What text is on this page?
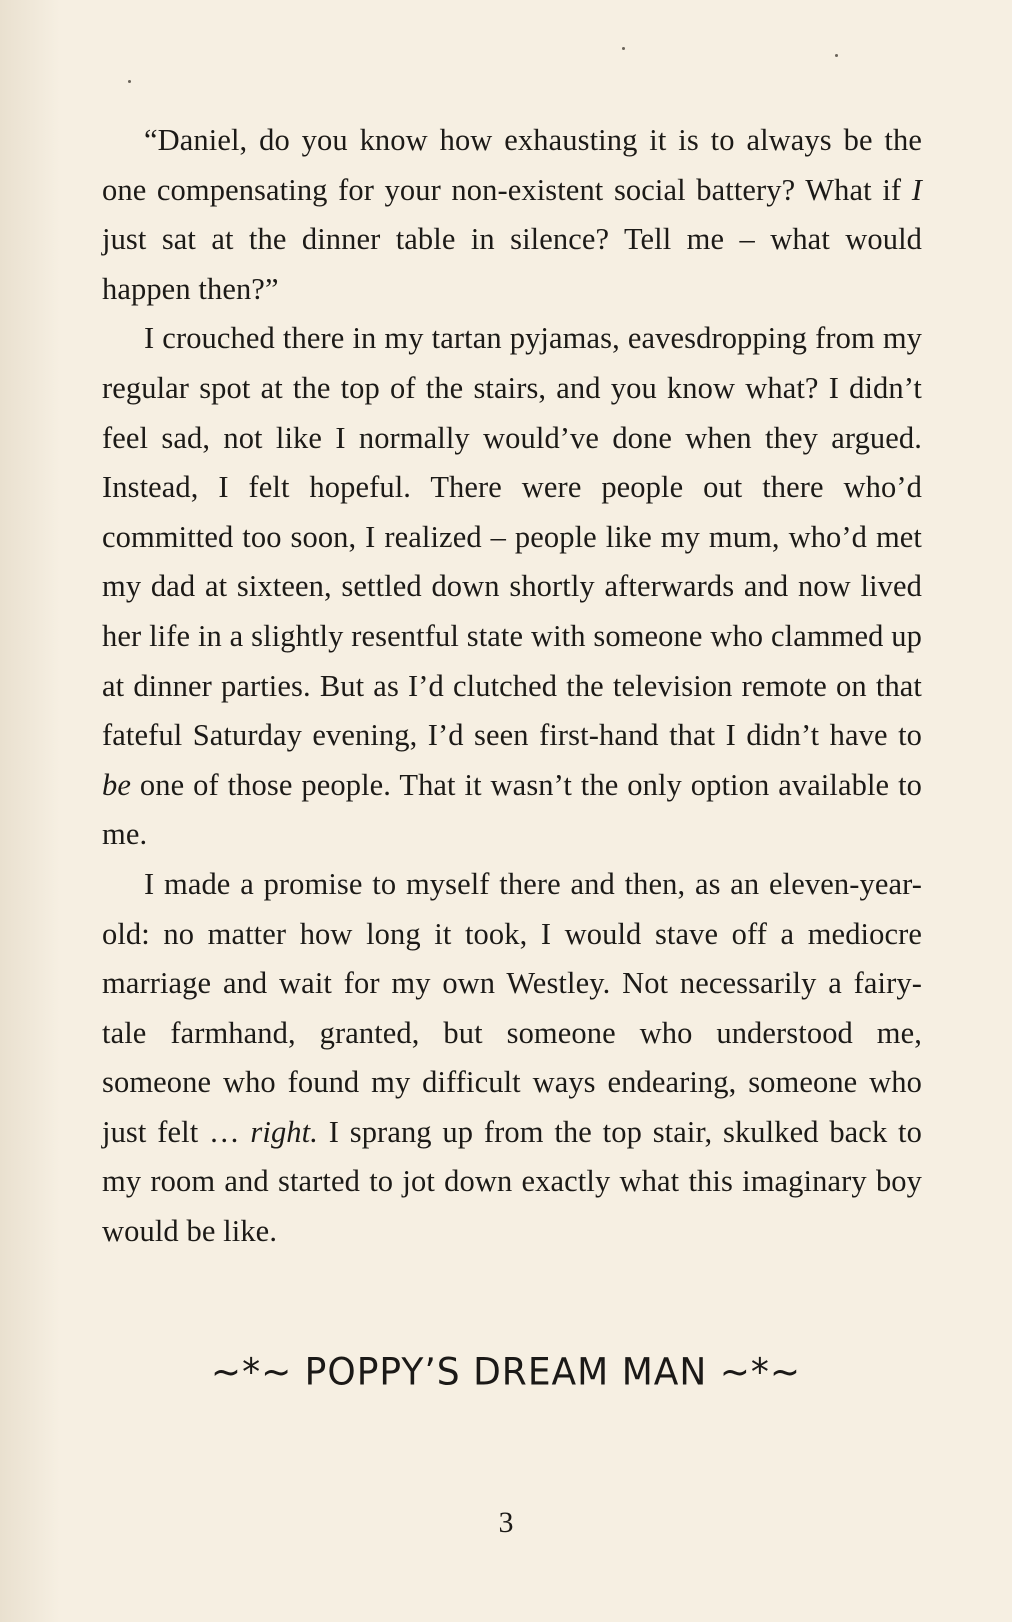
“Daniel, do you know how exhausting it is to always be the one compensating for your non-existent social battery? What if I just sat at the dinner table in silence? Tell me – what would happen then?”

I crouched there in my tartan pyjamas, eavesdropping from my regular spot at the top of the stairs, and you know what? I didn’t feel sad, not like I normally would’ve done when they argued. Instead, I felt hopeful. There were people out there who’d committed too soon, I realized – people like my mum, who’d met my dad at sixteen, settled down shortly afterwards and now lived her life in a slightly resentful state with someone who clammed up at dinner parties. But as I’d clutched the television remote on that fateful Saturday evening, I’d seen first-hand that I didn’t have to be one of those people. That it wasn’t the only option available to me.

I made a promise to myself there and then, as an eleven-year-old: no matter how long it took, I would stave off a mediocre marriage and wait for my own Westley. Not necessarily a fairy-tale farmhand, granted, but someone who understood me, someone who found my difficult ways endearing, someone who just felt … right. I sprang up from the top stair, skulked back to my room and started to jot down exactly what this imaginary boy would be like.

~*~ POPPY’S DREAM MAN ~*~
3
